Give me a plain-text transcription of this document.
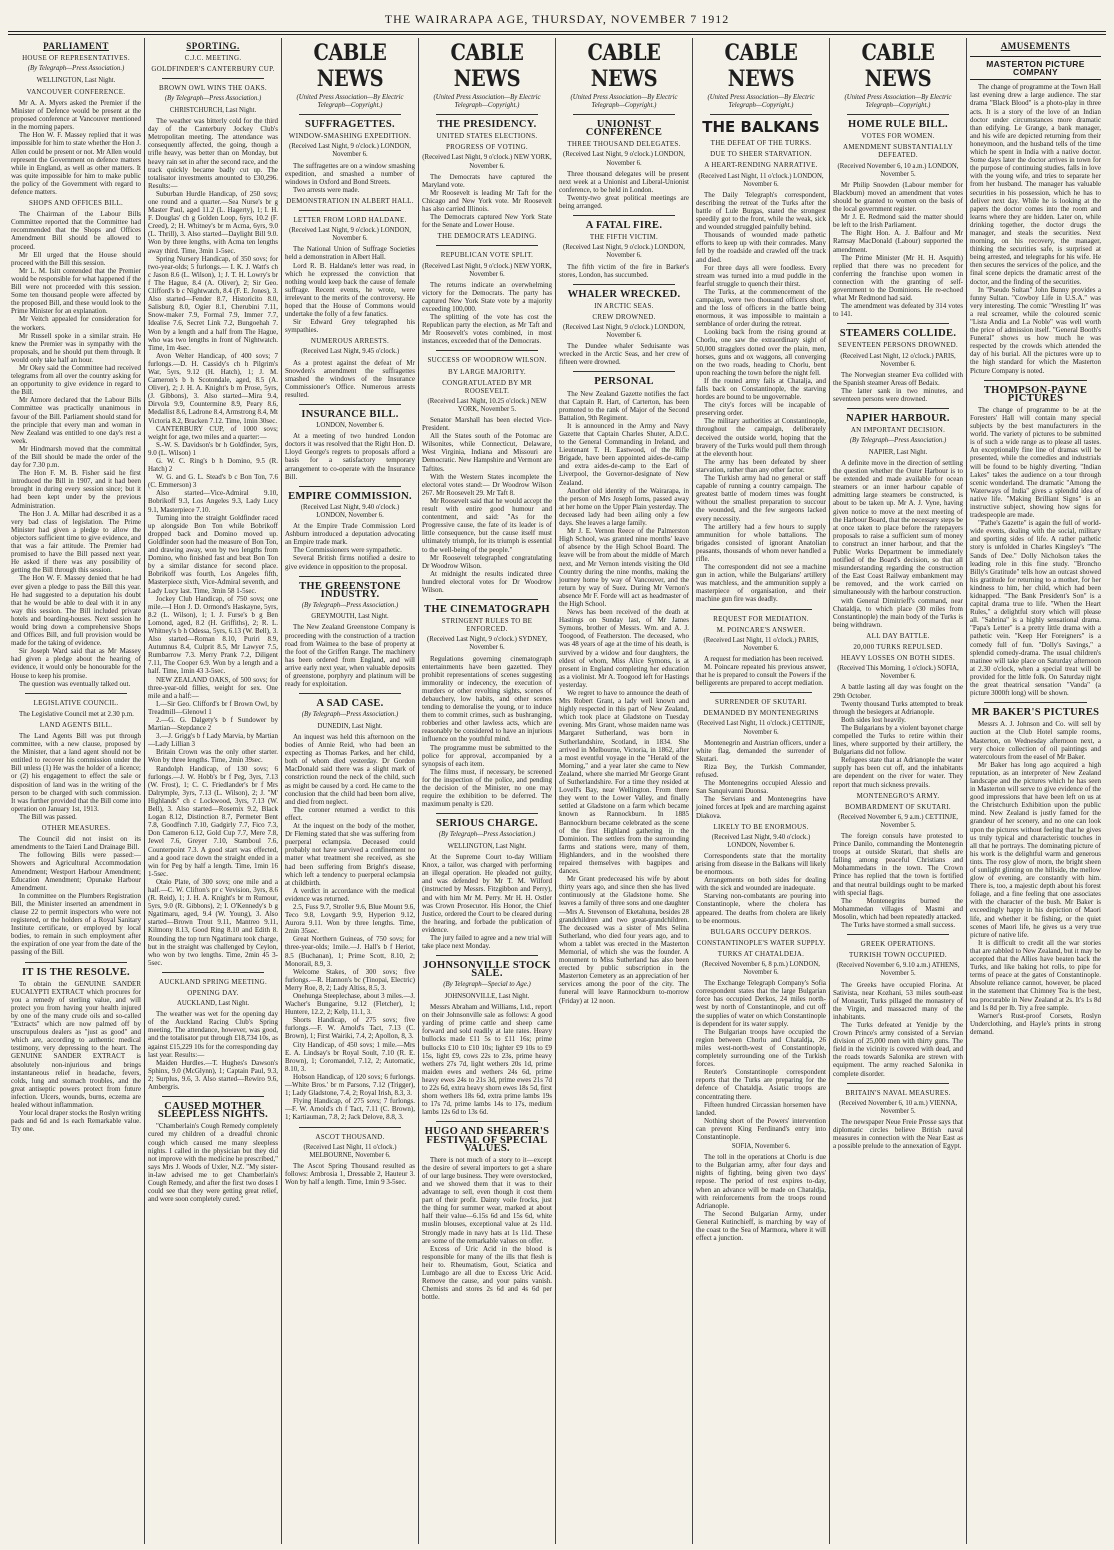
THE WAIRARAPA AGE, THURSDAY, NOVEMBER 7 1912
PARLIAMENT
HOUSE OF REPRESENTATIVES.
(By Telegraph—Press Association.)
WELLINGTON, Last Night.
VANCOUVER CONFERENCE.

Mr A. A. Myers asked the Premier if the Minister of Defence would be present at the proposed conference at Vancouver mentioned in the morning papers.

The Hon W. F. Massey replied that it was impossible for him to state whether the Hon J. Allen could be present or not. Mr Allen would represent the Government on defence matters while in England, as well as other matters. It was quite impossible for him to make public the policy of the Government with regard to defence matters.

SHOPS AND OFFICES BILL.

The Chairman of the Labour Bills Committee reported that the Committee had recommended that the Shops and Offices Amendment Bill should be allowed to proceed.

Mr Ell urged that the House should proceed with the Bill this session.

Mr L. M. Isitt contended that the Premier would be responsible for what happened if the Bill were not proceeded with this session. Some ten thousand people were affected by the proposed Bill, and these would look to the Prime Minister for an explanation.

Mr Veitch appealed for consideration for the workers.

Mr Russell spoke in a similar strain. He knew the Premier was in sympathy with the proposals, and he should put them through. It would only take half an hour.

Mr Okey said the Committee had received telegrams from all over the country asking for an opportunity to give evidence in regard to the Bill.

Mr Atmore declared that the Labour Bills Committee was practically unanimous in favour of the Bill. Parliament should stand for the principle that every man and woman in New Zealand was entitled to one day's rest a week.

Mr Hindmarsh moved that the committal of the Bill should be made the order of the day for 7.30 p.m.

The Hon F. M. B. Fisher said he first introduced the Bill in 1907, and it had been brought in during every session since; but it had been kept under by the previous Administration.

The Hon J. A. Millar had described it as a very bad class of legislation. The Prime Minister had given a pledge to allow the objectors sufficient time to give evidence, and that was a fair attitude. The Premier had promised to have the Bill passed next year. He asked if there was any possibility of getting the Bill through this session.

The Hon W. F. Massey denied that he had ever given a pledge to pass the Bill this year. He had suggested to a deputation his doubt that he would be able to deal with it in any way this session. The Bill included private hotels and boarding-houses. Next session he would bring down a comprehensive Shops and Offices Bill, and full provision would be made for the taking of evidence.

Sir Joseph Ward said that as Mr Massey had given a pledge about the hearing of evidence, it would only be honourable for the House to keep his promise.

The question was eventually talked out.

LEGISLATIVE COUNCIL.

The Legislative Council met at 2.30 p.m.

LAND AGENTS BILL.

The Land Agents Bill was put through committee, with a new clause, proposed by the Minister, that a land agent should not be entitled to recover his commission under the Bill unless (1) He was the holder of a licence; or (2) his engagement to effect the sale or disposition of land was in the writing of the person to be charged with such commission. It was further provided that the Bill come into operation on January 1st, 1913.

The Bill was passed.

OTHER MEASURES.

The Council did not insist on its amendments to the Taieri Land Drainage Bill.

The following Bills were passed:— Showers and Agricultural Accommodation Amendment; Westport Harbour Amendment; Education Amendment; Opunake Harbour Amendment.

In committee on the Plumbers Registration Bill, the Minister inserted an amendment in clause 22 to permit inspectors who were not registered, or the holders of a Royal Sanitary Institute certificate, or employed by local bodies, to remain in such employment after the expiration of one year from the date of the passing of the Bill.

IT IS THE RESOLVE.

To obtain the GENUINE SANDER EUCALYPTI EXTRACT which procures for you a remedy of sterling value, and will protect you from having your health injured by one of the many crude oils and so-called "Extracts" which are now palmed off by unscrupulous dealers as "just as good" and which are, according to authentic medical testimony, very depressing to the heart. The GENUINE SANDER EXTRACT is absolutely non-injurious and brings instantaneous relief in headache, fevers, colds, lung and stomach troubles, and the great antiseptic powers protect from future infection. Ulcers, wounds, burns, eczema are healed without inflammation.

Your local draper stocks the Roslyn writing pads and 6d and 1s each Remarkable value. Try one.

SPORTING.
C.J.C. MEETING.
GOLDFINDER'S CANTERBURY CUP.
BROWN OWL WINS THE OAKS.
(By Telegraph—Press Association.)
CHRISTCHURCH, Last Night.

The weather was bitterly cold for the third day of the Canterbury Jockey Club's Metropolitan meeting. The attendance was consequently affected, the going, though a trifle heavy, was better than on Monday, but heavy rain set in after the second race, and the track quickly became badly cut up. The totalisator investments amounted to £30,296. Results:—

Suburban Hurdle Handicap, of 250 sovs; one round and a quarter.—Sea Nurse's br g Master Paul, aged 11.2 (L. Hagerty), 1; I. H. F. Douglas' ch g Golden Loop, 6yrs, 10.2 (F. Creed), 2; H. Whitney's br m Acma, 6yrs, 9.0 (L. Thrill), 3. Also started—Daylight Bill 9.0. Won by three lengths, with Acma ten lengths away third. Time, 3min 1-5sec.

Spring Nursery Handicap, of 350 sovs; for two-year-olds; 5 furlongs.— I. K. J. Watt's ch c Jason 8.6 (L. Wilson), 1; J. T. H. Lowry's br f The Hague, 8.4 (A. Oliver), 2; Sir Geo. Clifford's b c Nightwatch, 8.4 (F. E. Jones), 3. Also started—Fender 8.7, Historicito 8.0, Salisburg 8.0, Ogier 8.1, Cherubini 7.11, Snow-maker 7.9, Formal 7.9, Immer 7.7, Idealise 7.6, Secret Link 7.2, Bungoehah 7. Won by a length and a half from The Hague, who was two lengths in front of Nightwatch. Time, 1m 4sec.

Avon Welter Handicap, of 400 sovs; 7 furlongs.—D. H. Cassidy's ch h Pilgrim's War, 5yrs, 9.12 (H. Hatch), 1; J. M. Cameron's b h Scotondale, aged, 8.5 (A. Oliver), 2; J. H. A. Knight's b m Prose, 5yrs, (J. Gibbons), 3. Also started—Mira 9.4, Dirvola 9.9, Countermine 8.9, Peary 8.6, Medallist 8.6, Ladrone 8.4, Armstrong 8.4, Mt Victoria 8.2, Bracken 7.12. Time, 1min 30sec.

CANTERBURY CUP, of 1000 sovs; weight for age, two miles and a quarter:—

S.-W. S. Davidson's br h Goldfinder, 5yrs, 9.0 (L. Wilson) 1

G. W. C. Ring's b h Domino, 9.5 (R. Hatch) 2

W. G. and G. L. Stead's b c Bon Ton, 7.6 (C. Emmerson) 3

Also started—Vice-Admiral 9.10, Bobrikoff 9.3, Los Angeles 9.3, Lady Lucy 9.1, Masterpiece 7.10.

Turning into the straight Goldfinder raced up alongside Bon Ton while Bobrikoff dropped back and Domino moved up. Goldfinder soon had the measure of Bon Ton, and drawing away, won by two lengths from Domino, who finished fast and beat Bon Ton by a similar distance for second place. Bobrikoff was fourth, Los Angeles fifth, Masterpiece sixth, Vice-Admiral seventh, and Lady Lucy last. Time, 3min 58 1-5sec.

Jockey Club Handicap, of 750 sovs; one mile.—I Hon J. D. Ormond's Haskayne, 5yrs, 8.2 (L. Wilson), 1; I. J. Furse's b g Ben Lomond, aged, 8.2 (H. Griffiths), 2; R. L. Whitney's b h Odessa, 5yrs, 6.13 (W. Bell), 3. Also started—Roman 8.10, Puriri 8.9, Autumnus 8.4, Culprit 8.5, Mr Lawyer 7.5, Rumbarrow 7.3. Merry Prank 7.2, Diligent 7.11, The Cooper 6.9. Won by a length and a half. Time, 1min 43 3-5sec.

NEW ZEALAND OAKS, of 500 sovs; for three-year-old fillies, weight for sex. One mile and a half:—

I.—Sir Geo. Clifford's br f Brown Owl, by Treadmill—Glenowl 1

2.—G. G. Dalgety's b f Sundower by Martian—Stepdance 2

3.—J. Grigg's b f Lady Marvia, by Martian—Lady Lillian 3

Britain Crown was the only other starter. Won by three lengths. Time, 2min 39sec.

Randolph Handicap, of 130 sovs; 6 furlongs.—J. W. Hobb's br f Peg, 3yrs, 7.13 (W. Frost), 1; C. C. Friedlander's br f Mrs Dalrymple, 3yrs, 7.13 (L. Wilson), 2; J. "M' Highlands" ch c Lockwood, 3yrs, 7.13 (W. Bell), 3. Also started—Rosemix 9.2, Black Logan 8.12, Distinction 8.7, Permeter Bent 7.8, Goodfinch 7.10, Gadgirly 7.7, Fico 7.3, Don Cameron 6.12, Gold Cup 7.7, Mere 7.8, Jewel 7.6, Greyer 7.10, Stamboul 7.6, Counterpoint 7.3. A good start was effected, and a good race down the straight ended in a win for Peg by half a length. Time, 1min 16 1-5sec.

Otaio Plate, of 300 sovs; one mile and a half.—C. W. Clifton's pr c Vevision, 3yrs, 8.6 (R. Reid), 1; J. H. A. Knight's br m Rumour, 5yrs, 9.0 (R. Gibbons), 2; I. O'Kennedy's b g Ngatimaru, aged, 9.4 (W. Young), 3. Also started—Brown Trout 9.11, Mantreo 9.11, Kilmony 8.13, Good Ring 8.10 and Edith 8. Rounding the top turn Ngatimaru took charge, but in the straight was challenged by Ceylon, who won by two lengths. Time, 2min 45 3-5sec.

AUCKLAND SPRING MEETING.
OPENING DAY.
AUCKLAND, Last Night.

The weather was wet for the opening day of the Auckland Racing Club's Spring meeting. The attendance, however, was good, and the totalisator put through £18,734 10s, as against £15,229 10s for the corresponding day last year. Results:—

Maiden Hurdles.—T. Hughes's Dawson's Sphinx, 9.0 (McGlynn), 1; Captain Paul, 9.3, 2; Surplus, 9.6, 3. Also started—Rewiro 9.6, Ambergris.

CAUSED MOTHER SLEEPLESS NIGHTS.

"Chamberlain's Cough Remedy completely cured my children of a dreadful chronic cough which caused me many sleepless nights. I called in the physician but they did not improve with the medicine he prescribed," says Mrs J. Woods of Uxler, N.Z. "My sister-in-law advised me to get Chamberlain's Cough Remedy, and after the first two doses I could see that they were getting great relief, and were soon completely cured."

CABLE NEWS
(United Press Association—By Electric Telegraph—Copyright.)
SUFFRAGETTES.
WINDOW-SMASHING EXPEDITION.
(Received Last Night, 9 o'clock.) LONDON, November 6.

The suffragettes are on a window smashing expedition, and smashed a number of windows in Oxford and Bond Streets.

Two arrests were made.

DEMONSTRATION IN ALBERT HALL.
LETTER FROM LORD HALDANE.
(Received Last Night, 9 o'clock.) LONDON, November 6.

The National Union of Suffrage Societies held a demonstration in Albert Hall.

Lord R. B. Haldane's letter was read, in which he expressed the conviction that nothing would keep back the cause of female suffrage. Recent events, he wrote, were irrelevant to the merits of the controversy. He hoped that the House of Commons would undertake the folly of a few fanatics.

Sir Edward Grey telegraphed his sympathies.

NUMEROUS ARRESTS.
(Received Last Night, 9.45 o'clock.)

As a protest against the defeat of Mr Snowden's amendment the suffragettes smashed the windows of the Insurance Commissioner's Office. Numerous arrests resulted.

INSURANCE BILL.
LONDON, November 6.

At a meeting of two hundred London doctors it was resolved that the Right Hon. D. Lloyd George's regrets to proposals afford a basis for a satisfactory temporary arrangement to co-operate with the Insurance Bill.

EMPIRE COMMISSION.
(Received Last Night, 9.40 o'clock.) LONDON, November 6.

At the Empire Trade Commission Lord Ashburn introduced a deputation advocating an Empire trade mark.

The Commissioners were sympathetic.

Several British firms notified a desire to give evidence in opposition to the proposal.

THE GREENSTONE INDUSTRY.
(By Telegraph—Press Association.)
GREYMOUTH, Last Night.

The New Zealand Greenstone Company is proceeding with the construction of a traction road from Waimea to the base of property at the foot of the Griffen Range. The machinery has been ordered from England, and will arrive early next year, when valuable deposits of greenstone, porphyry and platinum will be ready for exploitation.

A SAD CASE.
(By Telegraph—Press Association.)
DUNEDIN, Last Night.

An inquest was held this afternoon on the bodies of Annie Reid, who had been an expecting as Thomas Parkes, and her child, both of whom died yesterday. Dr Gordon MacDonald said there was a slight mark of constriction round the neck of the child, such as might be caused by a cord. He came to the conclusion that the child had been born alive, and died from neglect.

The coroner returned a verdict to this effect.

At the inquest on the body of the mother, Dr Fleming stated that she was suffering from puerperal eclampsia. Deceased could probably not have survived a confinement no matter what treatment she received, as she had been suffering from Bright's disease, which left a tendency to puerperal eclampsia at childbirth.

A verdict in accordance with the medical evidence was returned.

2.5, Fuss 9.7, Stroller 9.6, Blue Mount 9.6, Teco 9.8, Lovgarth 9.9, Hyperion 9.12, Aurora 9.11. Won by three lengths. Time, 2min 35sec.

Great Northern Guineas, of 750 sovs; for three-year-olds; 1mile.—J. Hall's b f Heriot, 8.5 (Buchanan), 1; Prime Scott, 8.10, 2; Monorail, 8.9, 3.

Welcome Stakes, of 300 sovs; five furlongs.—R. Hannon's bc (Tinopai, Electric) Merry Roe, 8, 2; Lady Altiss, 8.5, 3.

Onehunga Steeplechase, about 3 miles.—J. Wacher's Bungarine, 9.12 (Fletcher), 1; Huntere, 12.2, 2; Kelp, 11.1, 3.

Shorts Handicap, of 275 sovs; five furlongs.—F. W. Arnold's Tact, 7.13 (C. Brown), 1; First Wairiki, 7.4, 2; Apollon, 8, 3.

City Handicap, of 450 sovs; 1 mile.—Mrs E. A. Lindsay's br Royal Soult, 7.10 (R. E. Brown), 1; Coromandel, 7.12, 2; Automatic, 8.10, 3.

Hobson Handicap, of 120 sovs; 6 furlongs.—White Bros.' br m Parsons, 7.12 (Trigger), 1; Lady Gladstone, 7.4, 2; Royal Irish, 8.3, 3.

Flying Handicap, of 275 sovs; 7 furlongs.—F. W. Arnold's ch f Tact, 7.11 (C. Brown), 1; Kartiauman, 7.8, 2; Jack Delove, 8.8, 3.

ASCOT THOUSAND.
(Received Last Night, 11 o'clock.) MELBOURNE, November 6.

The Ascot Spring Thousand resulted as follows: Ambrosia 1, Dressable 2, Hauteur 3. Won by half a length. Time, 1min 9 3-5sec.

CABLE NEWS
(United Press Association—By Electric Telegraph—Copyright.)
THE PRESIDENCY.
UNITED STATES ELECTIONS.
PROGRESS OF VOTING.
(Received Last Night, 9 o'clock.) NEW YORK, November 6.

The Democrats have captured the Maryland vote.

Mr Roosevelt is leading Mr Taft for the Chicago and New York vote. Mr Roosevelt has also carried Illinois.

The Democrats captured New York State for the Senate and Lower House.

THE DEMOCRATS LEADING.
REPUBLICAN VOTE SPLIT.
(Received Last Night, 9 o'clock.) NEW YORK, November 6.

The returns indicate an overwhelming victory for the Democrats. The party has captured New York State vote by a majority exceeding 100,000.

The splitting of the vote has cost the Republican party the election, as Mr Taft and Mr Roosevelt's votes combined, in most instances, exceeded that of the Democrats.

SUCCESS OF WOODROW WILSON.
BY LARGE MAJORITY.
CONGRATULATED BY MR ROOSEVELT.
(Received Last Night, 10.25 o'clock.) NEW YORK, November 5.

Senator Marshall has been elected Vice-President.

All the States south of the Potomac are Wilsonites, while Connecticut, Delaware, West Virginia, Indiana and Missouri are Democratic. New Hampshire and Vermont are Taftites.

With the Western States incomplete the electoral votes stand:— Dr Woodrow Wilson 267. Mr Roosevelt 29. Mr Taft 8.

Mr Roosevelt said that he would accept the result with entire good humour and contentment, and said: "As for the Progressive cause, the fate of its leader is of little consequence, but the cause itself must ultimately triumph, for its triumph is essential to the well-being of the people."

Mr Roosevelt telegraphed congratulating Dr Woodrow Wilson.

At midnight the results indicated three hundred electoral votes for Dr Woodrow Wilson.

THE CINEMATOGRAPH
STRINGENT RULES TO BE ENFORCED.
(Received Last Night, 9 o'clock.) SYDNEY, November 6.

Regulations governing cinematograph entertainments have been gazetted. They prohibit representations of scenes suggesting immorality or indecency, the execution of murders or other revolting sights, scenes of debauchery, low habits, and other scenes tending to demoralise the young, or to induce them to commit crimes, such as bushranging, robberies and other lawless acts, which are reasonably be considered to have an injurious influence on the youthful mind.

The programme must be submitted to the police for approval, accompanied by a synopsis of each item.

The films must, if necessary, be screened for the inspection of the police, and pending the decision of the Minister, no one may require the exhibition to be deferred. The maximum penalty is £20.

SERIOUS CHARGE.
(By Telegraph—Press Association.)
WELLINGTON, Last Night.

At the Supreme Court to-day William Knox, a tailor, was charged with performing an illegal operation. He pleaded not guilty, and was defended by Mr T. M. Wilford (instructed by Messrs. Fitzgibbon and Perry), and with him Mr M. Perry. Mr H. H. Ostler was Crown Prosecutor. His Honor, the Chief Justice, ordered the Court to be cleared during the hearing, and forbade the publication of evidence.

The jury failed to agree and a new trial will take place next Monday.

JOHNSONVILLE STOCK SALE.
(By Telegraph—Special to Age.)
JOHNSONVILLE, Last Night.

Messrs Abraham and Williams, Ltd., report on their Johnsonville sale as follows: A good yarding of prime cattle and sheep came forward and sold readily at late rates. Heavy bullocks made £11 5s to £11 16s; prime bullocks £10 to £10 10s; lighter £9 10s to £9 15s, light £9, cows 22s to 23s, prime heavy wethers 27s 7d, light wethers 20s 1d, prime maiden ewes and wethers 24s 6d, prime heavy ewes 24s to 21s 3d, prime ewes 21s 7d to 22s 6d, extra heavy shorn ewes 18s 5d, first shorn wethers 18s 6d, extra prime lambs 19s to 17s 7d, prime lambs 14s to 17s, medium lambs 12s 6d to 13s 6d.

HUGO AND SHEARER'S FESTIVAL OF SPECIAL VALUES.

There is not much of a story to it—except the desire of several importers to get a share of our large business. They were overstocked, and we showed them that it was to their advantage to sell, even though it cost them part of their profit. Dainty voile frocks, just the thing for summer wear, marked at about half their value—6.15s 6d and 15s 6d, white muslin blouses, exceptional value at 2s 11d. Strongly made in navy hats at 1s 11d. These are some of the remarkable values on offer.

Excess of Uric Acid in the blood is responsible for many of the ills that flesh is heir to. Rheumatism, Gout, Sciatica and Lumbago are all due to Excess Uric Acid. Remove the cause, and your pains vanish. Chemists and stores 2s 6d and 4s 6d per bottle.

CABLE NEWS
(United Press Association—By Electric Telegraph—Copyright.)
UNIONIST CONFERENCE
THREE THOUSAND DELEGATES.
(Received Last Night, 9 o'clock.) LONDON, November 6.

Three thousand delegates will be present next week at a Unionist and Liberal-Unionist conference, to be held in London.

Twenty-two great political meetings are being arranged.

A FATAL FIRE.
THE FIFTH VICTIM.
(Received Last Night, 9 o'clock.) LONDON, November 6.

The fifth victim of the fire in Barker's stores, London, has succumbed.

WHALER WRECKED.
IN ARCTIC SEAS.
CREW DROWNED.
(Received Last Night, 9 o'clock.) LONDON, November 6.

The Dundee whaler Seduisante was wrecked in the Arctic Seas, and her crew of fifteen were drowned.

PERSONAL

The New Zealand Gazette notifies the fact that Captain R. Hart, of Carterton, has been promoted to the rank of Major of the Second Battalion, 9th Regiment.

It is announced in the Army and Navy Gazette that Captain Charles Shuter, A.D.C. to the General Commanding in Ireland, and Lieutenant T. H. Eastwood, of the Rifle Brigade, have been appointed aides-de-camp and extra aides-de-camp to the Earl of Liverpool, the Governor-designate of New Zealand.

Another old identity of the Wairarapa, in the person of Mrs Joseph Iorns, passed away at her home on the Upper Plain yesterday. The deceased lady had been ailing only a few days. She leaves a large family.

Mr J. E. Vernon Reece of the Palmerston High School, was granted nine months' leave of absence by the High School Board. The leave will be from about the middle of March next, and Mr Vernon intends visiting the Old Country during the nine months, making the journey home by way of Vancouver, and the return by way of Suez. During Mr Vernon's absence Mr F. Forde will act as headmaster of the High School.

News has been received of the death at Hastings on Sunday last, of Mr James Symons, brother of Messrs. Wm. and A. J. Toogood, of Featherston. The deceased, who was 48 years of age at the time of his death, is survived by a widow and four daughters, the eldest of whom, Miss Alice Symons, is at present in England completing her education as a violinist. Mr A. Toogood left for Hastings yesterday.

We regret to have to announce the death of Mrs Robert Grant, a lady well known and highly respected in this part of New Zealand, which took place at Gladstone on Tuesday evening. Mrs Grant, whose maiden name was Margaret Sutherland, was born in Sutherlandshire, Scotland, in 1834. She arrived in Melbourne, Victoria, in 1862, after a most eventful voyage in the "Herald of the Morning," and a year later she came to New Zealand, where she married Mr George Grant of Sutherlandshire. For a time they resided at Lovell's Bay, near Wellington. From there they went to the Lower Valley, and finally settled at Gladstone on a farm which became known as Rannockburn. In 1885 Bannockburn became celebrated as the scene of the first Highland gathering in the Dominion. The settlers from the surrounding farms and stations were, many of them, Highlanders, and in the woolshed there repaired themselves with bagpipes and dances.

Mr Grant predeceased his wife by about thirty years ago, and since then she has lived continuously at the Gladstone home. She leaves a family of three sons and one daughter—Mrs A. Stevenson of Eketahuna, besides 28 grandchildren and two great-grandchildren. The deceased was a sister of Mrs Selina Sutherland, who died four years ago, and to whom a tablet was erected in the Masterton Memorial, of which she was the founder. A monument to Miss Sutherland has also been erected by public subscription in the Masterton Cemetery as an appreciation of her services among the poor of the city. The funeral will leave Rannockburn to-morrow (Friday) at 12 noon.

CABLE NEWS
(United Press Association—By Electric Telegraph—Copyright.)
THE BALKANS
THE DEFEAT OF THE TURKS.
DUE TO SHEER STARVATION.
A HEART-RENDING NARRATIVE.
(Received Last Night, 11 o'clock.) LONDON, November 6.

The Daily Telegraph's correspondent, describing the retreat of the Turks after the battle of Lule Burgas, stated the strongest speedily got to the front, while the weak, sick and wounded struggled painfully behind.

Thousands of wounded made pathetic efforts to keep up with their comrades. Many fell by the roadside and crawled off the track and died.

For three days all were foodless. Every stream was turned into a mud puddle in the fearful struggle to quench their thirst.

The Turks, at the commencement of the campaign, were two thousand officers short, and the loss of officers in the battle being enormous, it was impossible to maintain a semblance of order during the retreat.

Looking back from the rising ground at Chorlu, one saw the extraordinary sight of 50,000 stragglers dotted over the plain, men, horses, guns and ox waggons, all converging on the two roads, heading to Chorlu, bent upon reaching the town before the night fell.

If the routed army fails at Chatalja, and falls back on Constantinople, the starving hordes are bound to be ungovernable.

The city's forces will be incapable of preserving order.

The military authorities at Constantinople, throughout the campaign, deliberately deceived the outside world, hoping that the bravery of the Turks would pull them through at the eleventh hour.

The army has been defeated by sheer starvation, rather than any other factor.

The Turkish army had no general or staff capable of running a country campaign. The greatest battle of modern times was fought without the smallest preparation to succour the wounded, and the few surgeons lacked every necessity.

The artillery had a few hours to supply ammunition for whole battalions. The brigades consisted of ignorant Anatolian peasants, thousands of whom never handled a rifle.

The correspondent did not see a machine gun in action, while the Bulgarians' artillery was matchless, and the ammunition supply a masterpiece of organisation, and their machine gun fire was deadly.

REQUEST FOR MEDIATION.
M. POINCARE'S ANSWER.
(Received Last Night, 11 o'clock.) PARIS, November 6.

A request for mediation has been received.

M. Poincare repeated his previous answer, that he is prepared to consult the Powers if the belligerents are prepared to accept mediation.

SURRENDER OF SKUTARI.
DEMANDED BY MONTENEGRINS
(Received Last Night, 11 o'clock.) CETTINJE, November 6.

Montenegrin and Austrian officers, under a white flag, demanded the surrender of Skutari.

Riza Bey, the Turkish Commander, refused.

The Montenegrins occupied Alessio and San Sanquivanni Duonsa.

The Servians and Montenegrins have joined forces at Ipek and are marching against Diakova.

LIKELY TO BE ENORMOUS.
(Received Last Night, 9.40 o'clock.) LONDON, November 6.

Correspondents state that the mortality arising from disease in the Balkans will likely be enormous.

Arrangements on both sides for dealing with the sick and wounded are inadequate.

Starving non-combatants are pouring into Constantinople, where the cholera has appeared. The deaths from cholera are likely to be enormous.

BULGARS OCCUPY DERKOS.
CONSTANTINOPLE'S WATER SUPPLY.
TURKS AT CHATALDEJA.
(Received November 6, 8 p.m.) LONDON, November 6.

The Exchange Telegraph Company's Sofia correspondent states that the large Bulgarian force has occupied Derkos, 24 miles north-west by north of Constantinople, and cut off the supplies of water on which Constantinople is dependent for its water supply.

The Bulgarian troops have occupied the region between Chorlu and Chataldja, 26 miles west-north-west of Constantinople, completely surrounding one of the Turkish forces.

Reuter's Constantinople correspondent reports that the Turks are preparing for the defence of Chataldja. Asiatic troops are concentrating there.

Fifteen hundred Circassian horsemen have landed.

Nothing short of the Powers' intervention can prevent King Ferdinand's entry into Constantinople.

SOFIA, November 6.

The toll in the operations at Chorlu is due to the Bulgarian army, after four days and nights of fighting, being given two days' repose. The period of rest expires to-day, when an advance will be made on Chataldja, with reinforcements from the troops round Adrianople.

The Second Bulgarian Army, under General Kutinchieff, is marching by way of the coast to the Sea of Marmora, where it will effect a junction.

CABLE NEWS
(United Press Association—By Electric Telegraph—Copyright.)
HOME RULE BILL.
VOTES FOR WOMEN.
AMENDMENT SUBSTANTIALLY DEFEATED.
(Received November 6, 10 a.m.) LONDON, November 5.

Mr Philip Snowden (Labour member for Blackburn) moved an amendment that votes should be granted to women on the basis of the local government register.

Mr J. E. Redmond said the matter should be left to the Irish Parliament.

The Right Hon. A. J. Balfour and Mr Ramsay MacDonald (Labour) supported the amendment.

The Prime Minister (Mr H. H. Asquith) replied that there was no precedent for conferring the franchise upon women in connection with the granting of self-government to the Dominions. He re-echoed what Mr Redmond had said.

The amendment was defeated by 314 votes to 141.

STEAMERS COLLIDE.
SEVENTEEN PERSONS DROWNED.
(Received Last Night, 12 o'clock.) PARIS, November 6.

The Norwegian steamer Eva collided with the Spanish steamer Areas off Bedaix.

The latter sank in two minutes, and seventeen persons were drowned.

NAPIER HARBOUR.
AN IMPORTANT DECISION.
(By Telegraph—Press Association.)
NAPIER, Last Night.

A definite move in the direction of settling the question whether the Outer Harbour is to be extended and made available for ocean steamers or an inner harbour capable of admitting large steamers be constructed, is about to be taken up. Mr A. J. Vyne, having given notice to move at the next meeting of the Harbour Board, that the necessary steps be at once taken to place before the ratepayers proposals to raise a sufficient sum of money to construct an inner harbour, and that the Public Works Department be immediately notified of the Board's decision, so that all misunderstanding regarding the construction of the East Coast Railway embankment may be removed, and the work carried on simultaneously with the harbour construction.

with General Dimitrieff's command, near Chataldja, to which place (30 miles from Constantinople) the main body of the Turks is being withdrawn.

ALL DAY BATTLE.
20,000 TURKS REPULSED.
HEAVY LOSSES ON BOTH SIDES.
(Received This Morning, 1 o'clock.) SOFIA, November 6.

A battle lasting all day was fought on the 29th October.

Twenty thousand Turks attempted to break through the besiegers at Adrianople.

Both sides lost heavily.

The Bulgarians by a violent bayonet charge compelled the Turks to retire within their lines, where supported by their artillery, the Bulgarians did not follow.

Refugees state that at Adrianople the water supply has been cut off, and the inhabitants are dependent on the river for water. They report that much sickness prevails.

MONTENEGRO'S ARMY.
BOMBARDMENT OF SKUTARI.
(Received November 6, 9 a.m.) CETTINJE, November 5.

The foreign consuls have protested to Prince Danilo, commanding the Montenegrin troops at outside Skutari, that shells are falling among peaceful Christians and Mohammedans in the town. The Crown Prince has replied that the town is fortified and that neutral buildings ought to be marked with special flags.

The Montenegrins burned the Mohammedan villages of Masmi and Mosolin, which had been repeatedly attacked.

The Turks have stormed a small success.

GREEK OPERATIONS.
TURKISH TOWN OCCUPIED.
(Received November 6, 9.10 a.m.) ATHENS, November 5.

The Greeks have occupied Florina. At Sativista, near Kozhani, 53 miles south-east of Monastir, Turks pillaged the monastery of the Virgin, and massacred many of the inhabitants.

The Turks defeated at Yenidje by the Crown Prince's army consisted of a Servian division of 25,000 men with thirty guns. The field in the vicinity is covered with dead, and the roads towards Salonika are strewn with equipment. The army reached Salonika in complete disorder.

BRITAIN'S NAVAL MEASURES.
(Received November 6, 10 a.m.) VIENNA, November 5.

The newspaper Neue Freie Presse says that diplomatic circles believe British naval measures in connection with the Near East as a possible prelude to the annexation of Egypt.

AMUSEMENTS
MASTERTON PICTURE COMPANY

The change of programme at the Town Hall last evening drew a large audience. The star drama "Black Blood" is a photo-play in three acts. It is a story of the love of an Indian doctor under circumstances more dramatic than edifying. Le Grange, a bank manager, and his wife are depicted returning from their honeymoon, and the husband tells of the time which he spent in India with a native doctor. Some days later the doctor arrives in town for the purpose of continuing studies, falls in love with the young wife, and tries to separate her from her husband. The manager has valuable securities in his possession, which he has to deliver next day. While he is looking at the papers the doctor comes into the room and learns where they are hidden. Later on, while drinking together, the doctor drugs the manager, and steals the securities. Next morning, on his recovery, the manager, thinking the securities safe, is surprised at being arrested, and telegraphs for his wife. He then secures the services of the police, and the final scene depicts the dramatic arrest of the doctor, and the finding of the securities.

In "Pseudo Sultan" John Bunny provides a funny Sultan. "Cowboy Life in U.S.A." was very interesting. The comic "Wrestling It" was a real screamer, while the coloured scenic "Lista Andia and La Noble" was well worth the price of admission itself. "General Booth's Funeral" shows us how much he was respected by the crowds which attended the day of his burial. All the pictures were up to the high standard for which the Masterton Picture Company is noted.

THOMPSON-PAYNE PICTURES

The change of programme to be at the Foresters' Hall will contain many special subjects by the best manufacturers in the world. The variety of pictures to be submitted is of such a wide range as to please all tastes. An exceptionally fine line of dramas will be presented, while the comedies and industrials will be found to be highly diverting. "Indian Lakes" takes the audience on a tour through scenic wonderland. The dramatic "Among the Waterways of India" gives a splendid idea of native life. "Making Brilliant Signs" is an instructive subject, showing how signs for tradespeople are made.

"Pathe's Gazette" is again the full of world-wide events, dealing with the social, military and sporting sides of life. A rather pathetic story is unfolded in Charles Kingsley's "The Sands of Dee." Dolly Nicholson takes the leading role in this fine study. "Broncho Billy's Gratitude" tells how an outcast showed his gratitude for returning to a mother, for her kindness to him, her child, which had been kidnapped. "The Bank President's Son" is a capital drama true to life. "When the Heart Rules," a delightful story which will please all. "Sabrina" is a highly sensational drama. "Papa's Letter" is a pretty little drama with a pathetic vein. "Keep Her Foreigners" is a comedy full of fun. "Dolly's Savings," a splendid comedy-drama. The usual children's matinee will take place on Saturday afternoon at 2.30 o'clock, when a special treat will be provided for the little folk. On Saturday night the great theatrical sensation "Vanda" (a picture 3000ft long) will be shown.

MR BAKER'S PICTURES

Messrs A. J. Johnson and Co. will sell by auction at the Club Hotel sample rooms, Masterton, on Wednesday afternoon next, a very choice collection of oil paintings and watercolours from the easel of Mr Baker.

Mr Baker has long ago acquired a high reputation, as an interpreter of New Zealand landscape and the pictures which he has seen in Masterton will serve to give evidence of the good impressions that have been left on us at the Christchurch Exhibition upon the public mind. New Zealand is justly famed for the grandeur of her scenery, and no one can look upon the pictures without feeling that he gives us truly typical and characteristic touches in all that he portrays. The dominating picture of his work is the delightful warm and generous tints. The rosy glow of morn, the bright sheen of sunlight glinting on the hillside, the mellow glow of evening, are constantly with him. There is, too, a majestic depth about his forest foliage, and a fine feeling that one associates with the character of the bush. Mr Baker is exceedingly happy in his depiction of Maori life, and whether it be fishing, or the quiet scenes of Maori life, he gives us a very true picture of native life.

It is difficult to credit all the war stories that are rabbled to New Zealand, but it may be accepted that the Allies have beaten back the Turks, and like baking hot rolls, to pipe for terms of peace at the gates of Constantinople. Absolute reliance cannot, however, be placed in the statement that Chimney Tea is the best, tea procurable in New Zealand at 2s. It's 1s 8d and 1s 8d per lb. Try a free sample.

Warner's Rust-proof Corsets, Roslyn Underclothing, and Hayle's prints in strong demand.
